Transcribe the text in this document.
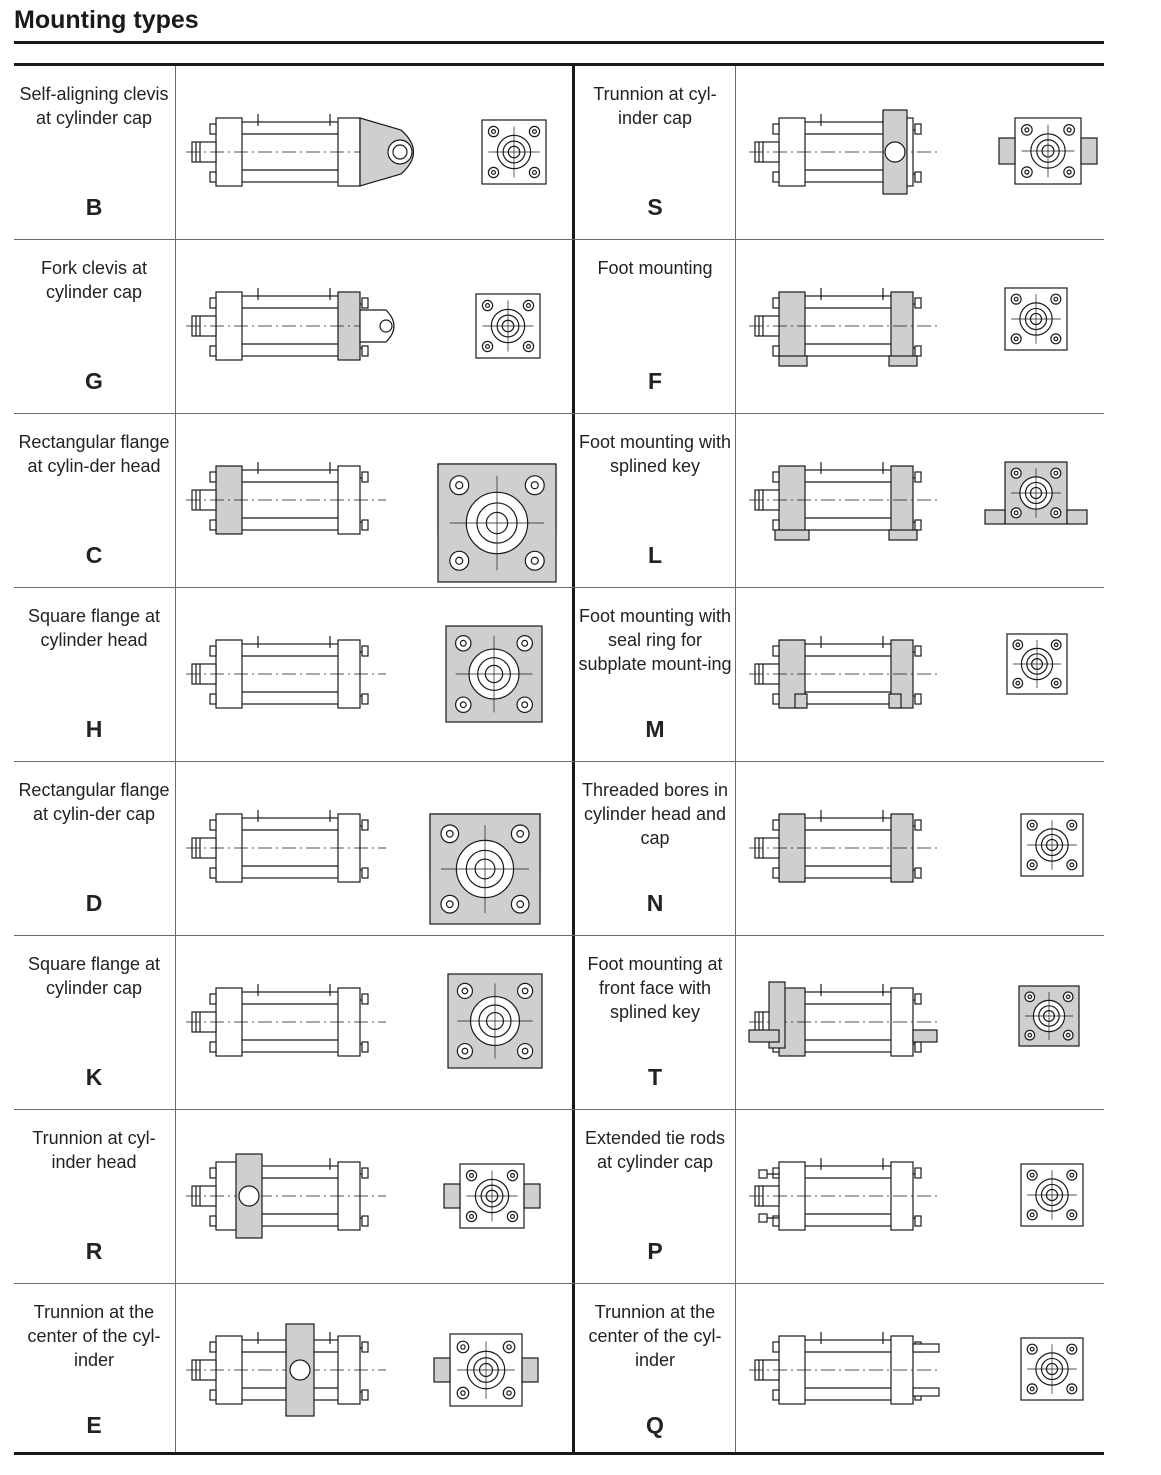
Mounting types
Self-aligning clevis at cylinder cap
B
Fork clevis at cylinder cap
G
Rectangular flange at cylin-der head
C
Square flange at cylinder head
H
Rectangular flange at cylin-der cap
D
Square flange at cylinder cap
K
Trunnion at cyl-inder head
R
Trunnion at the center of the cyl-inder
E
Trunnion at cyl-inder cap
S
Foot mounting
F
Foot mounting with splined key
L
Foot mounting with seal ring for subplate mount-ing
M
Threaded bores in cylinder head and cap
N
Foot mounting at front face with splined key
T
Extended tie rods at cylinder cap
P
Trunnion at the center of the cyl-inder
Q
